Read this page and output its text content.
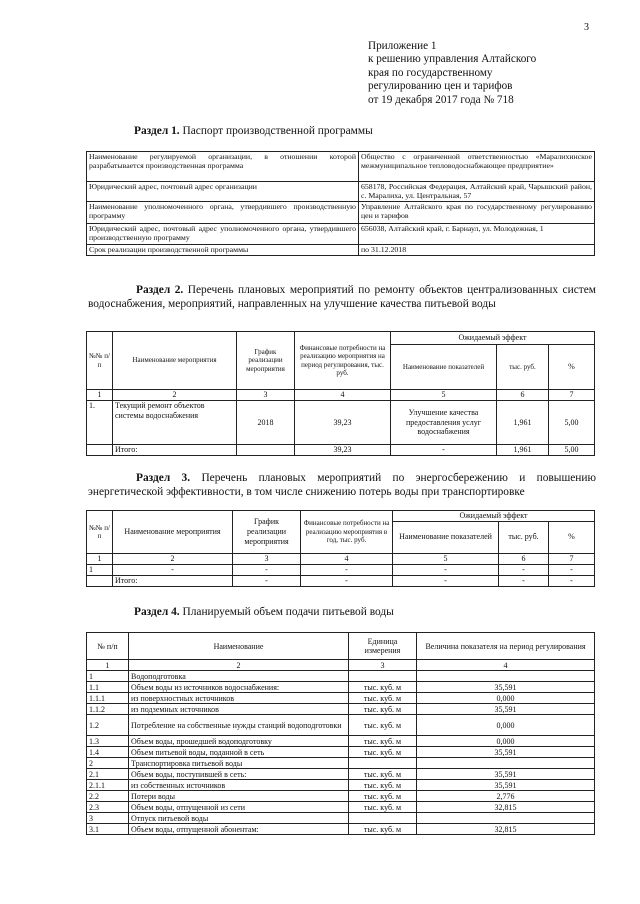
3
Приложение 1
к решению управления Алтайского
края по государственному
регулированию цен и тарифов
от 19 декабря 2017 года № 718
Раздел 1. Паспорт производственной программы
Наименование регулируемой организации, в отношении которой разрабатывается производственная программа	Общество с ограниченной ответственностью «Маралихинское межмуниципальное тепловодоснабжающее предприятие»
Юридический адрес, почтовый адрес организации	658178, Российская Федерация, Алтайский край, Чарышский район, с. Маралиха, ул. Центральная, 57
Наименование уполномоченного органа, утвердившего производственную программу	Управление Алтайского края по государственному регулированию цен и тарифов
Юридический адрес, почтовый адрес уполномоченного органа, утвердившего производственную программу	656038, Алтайский край, г. Барнаул, ул. Молодежная, 1
Срок реализации производственной программы	по 31.12.2018
Раздел 2. Перечень плановых мероприятий по ремонту объектов централизованных систем водоснабжения, мероприятий, направленных на улучшение качества питьевой воды
№№ п/п	Наименование мероприятия	График реализации мероприятия	Финансовые потребности на реализацию мероприятия на период регулирования, тыс. руб.	Ожидаемый эффект		
				Наименование показателей	тыс. руб.	%
1	2	3	4	5	6	7
1.	Текущий ремонт объектов системы водоснабжения	2018	39,23	Улучшение качества предоставления услуг водоснабжения	1,961	5,00
	Итого:		39,23	-	1,961	5,00
Раздел 3. Перечень плановых мероприятий по энергосбережению и повышению энергетической эффективности, в том числе снижению потерь воды при транспортировке
№№ п/п	Наименование мероприятия	График реализации мероприятия	Финансовые потребности на реализацию мероприятия в год, тыс. руб.	Ожидаемый эффект		
				Наименование показателей	тыс. руб.	%
1	2	3	4	5	6	7
1	-	-	-	-	-	-
	Итого:	-	-	-	-	-
Раздел 4. Планируемый объем подачи питьевой воды
№ п/п	Наименование	Единица измерения	Величина показателя на период регулирования
1	2	3	4
1	Водоподготовка		
1.1	Объем воды из источников водоснабжения:	тыс. куб. м	35,591
1.1.1	из поверхностных источников	тыс. куб. м	0,000
1.1.2	из подземных источников	тыс. куб. м	35,591
1.2	Потребление на собственные нужды станций водоподготовки	тыс. куб. м	0,000
1.3	Объем воды, прошедшей водоподготовку	тыс. куб. м	0,000
1.4	Объем питьевой воды, поданной в сеть	тыс. куб. м	35,591
2	Транспортировка питьевой воды		
2.1	Объем воды, поступившей в сеть:	тыс. куб. м	35,591
2.1.1	из собственных источников	тыс. куб. м	35,591
2.2	Потери воды	тыс. куб. м	2,776
2.3	Объем воды, отпущенной из сети	тыс. куб. м	32,815
3	Отпуск питьевой воды		
3.1	Объем воды, отпущенной абонентам:	тыс. куб. м	32,815
